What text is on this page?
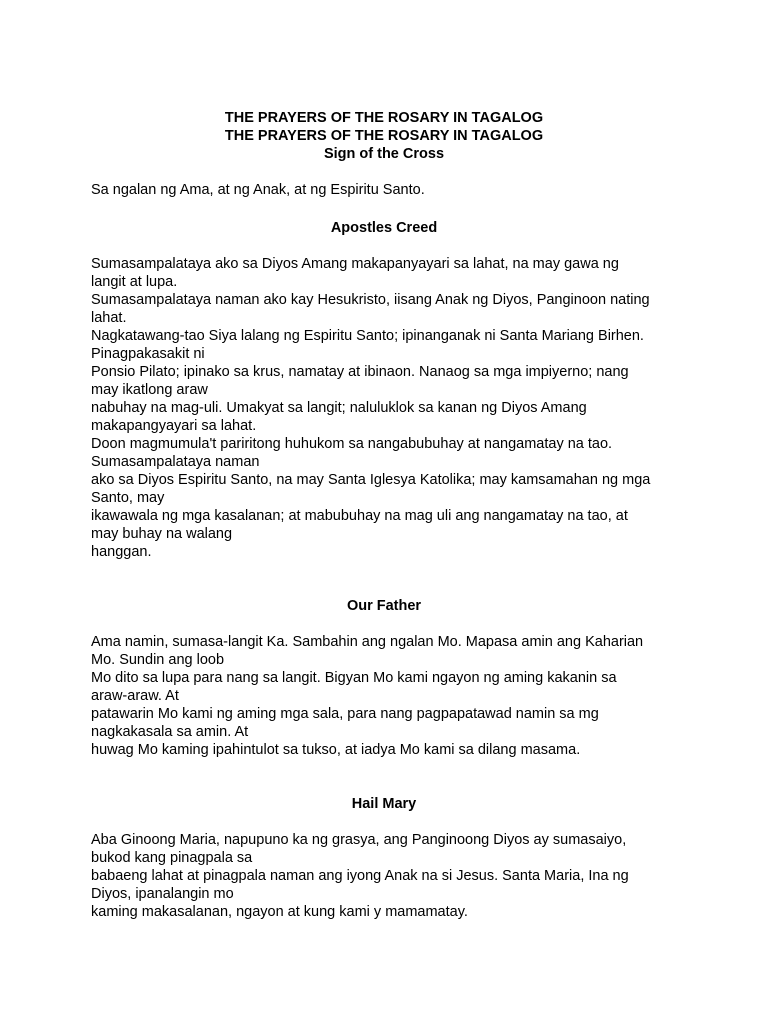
THE PRAYERS OF THE ROSARY IN TAGALOG

THE PRAYERS OF THE ROSARY IN TAGALOG

Sign of the Cross

Sa ngalan ng Ama, at ng Anak, at ng Espiritu Santo.

Apostles Creed

Sumasampalataya ako sa Diyos Amang makapanyayari sa lahat, na may gawa ng

langit at lupa.

Sumasampalataya naman ako kay Hesukristo, iisang Anak ng Diyos, Panginoon nating

lahat.

Nagkatawang-tao Siya lalang ng Espiritu Santo; ipinanganak ni Santa Mariang Birhen.

Pinagpakasakit ni

Ponsio Pilato; ipinako sa krus, namatay at ibinaon. Nanaog sa mga impiyerno; nang

may ikatlong araw

nabuhay na mag-uli. Umakyat sa langit; naluluklok sa kanan ng Diyos Amang

makapangyayari sa lahat.

Doon magmumula't pariritong huhukom sa nangabubuhay at nangamatay na tao.

Sumasampalataya naman

ako sa Diyos Espiritu Santo, na may Santa Iglesya Katolika; may kamsamahan ng mga

Santo, may

ikawawala ng mga kasalanan; at mabubuhay na mag uli ang nangamatay na tao, at

may buhay na walang

hanggan.

Our Father

Ama namin, sumasa-langit Ka. Sambahin ang ngalan Mo. Mapasa amin ang Kaharian

Mo. Sundin ang loob

Mo dito sa lupa para nang sa langit. Bigyan Mo kami ngayon ng aming kakanin sa

araw-araw. At

patawarin Mo kami ng aming mga sala, para nang pagpapatawad namin sa mg

nagkakasala sa amin. At

huwag Mo kaming ipahintulot sa tukso, at iadya Mo kami sa dilang masama.

Hail Mary

Aba Ginoong Maria, napupuno ka ng grasya, ang Panginoong Diyos ay sumasaiyo,

bukod kang pinagpala sa

babaeng lahat at pinagpala naman ang iyong Anak na si Jesus. Santa Maria, Ina ng

Diyos, ipanalangin mo

kaming makasalanan, ngayon at kung kami y mamamatay.
